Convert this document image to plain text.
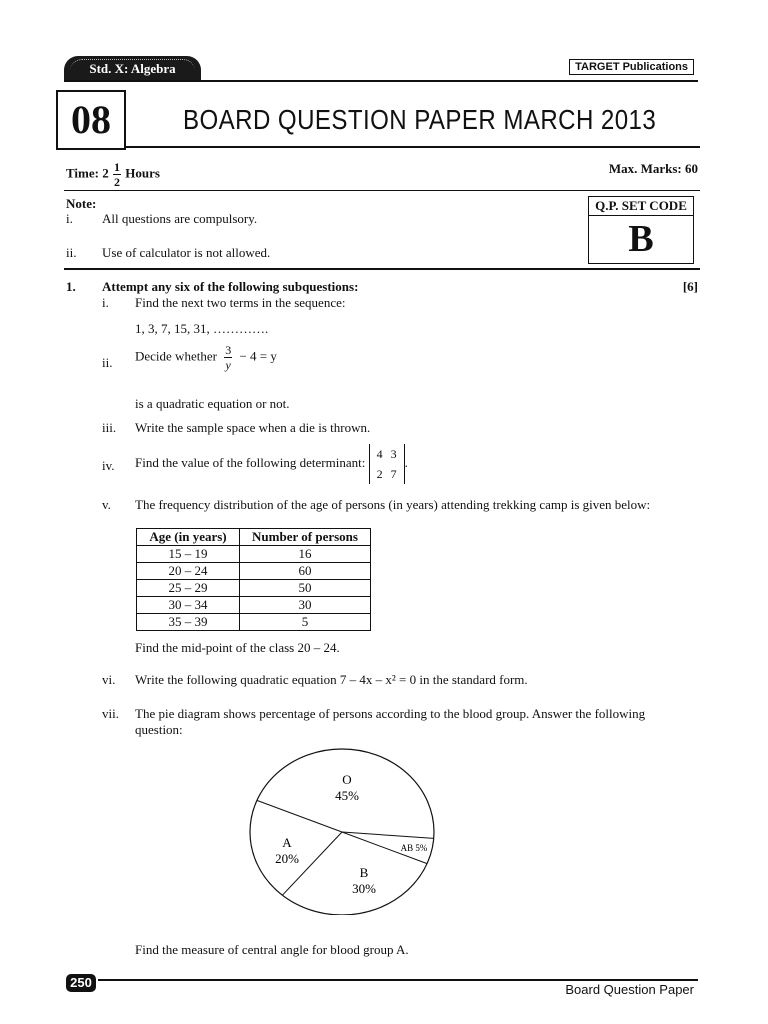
Std. X: Algebra	TARGET Publications
08	BOARD QUESTION PAPER MARCH 2013
Time: $2 \frac{1}{2}$ Hours	Max. Marks: 60
Note:
i. All questions are compulsory.
ii. Use of calculator is not allowed.
Q.P. SET CODE
B
1. Attempt any six of the following subquestions:	[6]
i. Find the next two terms in the sequence:
1, 3, 7, 15, 31, ………….
ii. Decide whether $\frac{3}{y} - 4 = y$
is a quadratic equation or not.
iii. Write the sample space when a die is thrown.
iv. Find the value of the following determinant:
4 3
2 7
.
v. The frequency distribution of the age of persons (in years) attending trekking camp is given below:
Age (in years)	Number of persons
15 – 19	16
20 – 24	60
25 – 29	50
30 – 34	30
35 – 39	5
Find the mid-point of the class 20 – 24.
vi. Write the following quadratic equation 7 – 4x – x² = 0 in the standard form.
vii. The pie diagram shows percentage of persons according to the blood group. Answer the following question:
O
45%
AB 5%
B
30%
A
20%
Find the measure of central angle for blood group A.
250	Board Question Paper
